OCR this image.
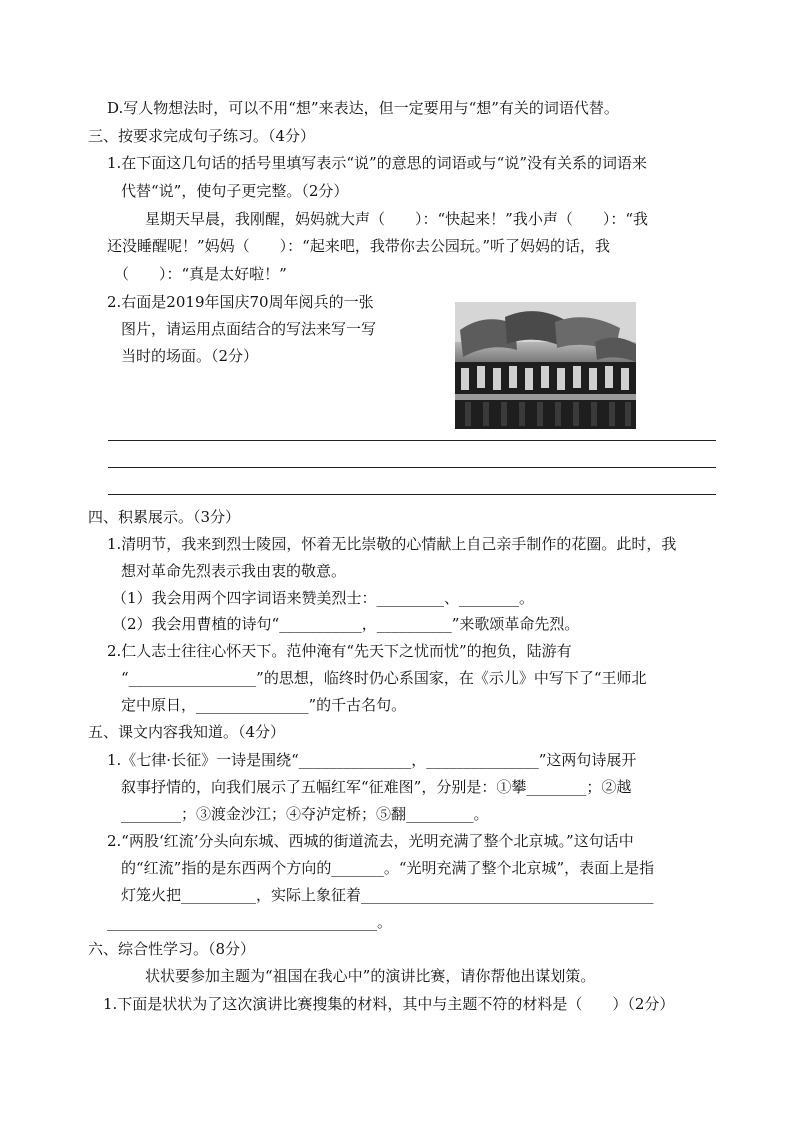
D.写人物想法时，可以不用“想”来表达，但一定要用与“想”有关的词语代替。
三、按要求完成句子练习。（4分）
1.在下面这几句话的括号里填写表示“说”的意思的词语或与“说”没有关系的词语来
代替“说”，使句子更完整。（2分）
星期天早晨，我刚醒，妈妈就大声（　　）：“快起来！”我小声（　　）：“我
还没睡醒呢！”妈妈（　　）：“起来吧，我带你去公园玩。”听了妈妈的话，我
（　　）：“真是太好啦！”
2.右面是2019年国庆70周年阅兵的一张
图片，请运用点面结合的写法来写一写
当时的场面。（2分）
四、积累展示。（3分）
1.清明节，我来到烈士陵园，怀着无比崇敬的心情献上自己亲手制作的花圈。此时，我
想对革命先烈表示我由衷的敬意。
（1）我会用两个四字词语来赞美烈士：_________、________。
（2）我会用曹植的诗句“___________，__________”来歌颂革命先烈。
2.仁人志士往往心怀天下。范仲淹有“先天下之忧而忧”的抱负，陆游有
“_________________”的思想，临终时仍心系国家，在《示儿》中写下了“王师北
定中原日，_______________”的千古名句。
五、课文内容我知道。（4分）
1.《七律·长征》一诗是围绕“_______________，_______________”这两句诗展开
叙事抒情的，向我们展示了五幅红军“征难图”，分别是：①攀________；②越
________；③渡金沙江；④夺泸定桥；⑤翻_________。
2.“两股‘红流’分头向东城、西城的街道流去，光明充满了整个北京城。”这句话中
的“红流”指的是东西两个方向的_______。“光明充满了整个北京城”，表面上是指
灯笼火把__________，实际上象征着_______________________________________
____________________________________。
六、综合性学习。（8分）
状状要参加主题为“祖国在我心中”的演讲比赛，请你帮他出谋划策。
1.下面是状状为了这次演讲比赛搜集的材料，其中与主题不符的材料是（　　）（2分）
